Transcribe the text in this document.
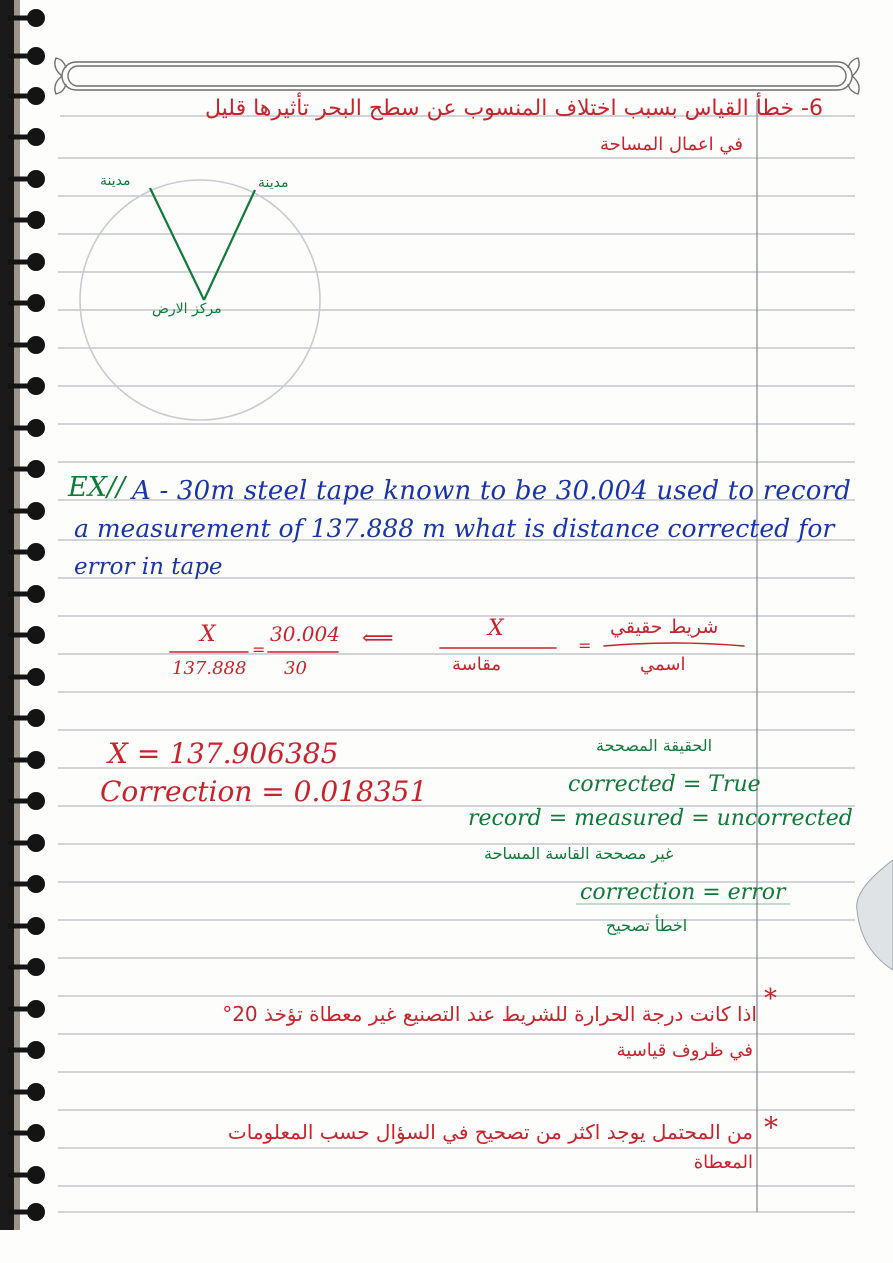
6- خطأ القياس بسبب اختلاف المنسوب عن سطح البحر تأثيرها قليل
في اعمال المساحة
مدينة	مدينة
مركز الارض
EX// A - 30m steel tape known to be 30.004 used to record
a measurement of 137.888 m what is distance corrected for
error in tape
X
137.888
=
30.004
30
⟸	X
مقاسة
=
شريط حقيقي
اسمي
X = 137.906385
Correction = 0.018351
الحقيقة المصححة
corrected = True
record = measured = uncorrected
غير مصححة القاسة المساحة
correction = error
اخطأ تصحيح
*
اذا كانت درجة الحرارة للشريط عند التصنيع غير معطاة تؤخذ 20°
في ظروف قياسية
*
من المحتمل يوجد اكثر من تصحيح في السؤال حسب المعلومات
المعطاة
